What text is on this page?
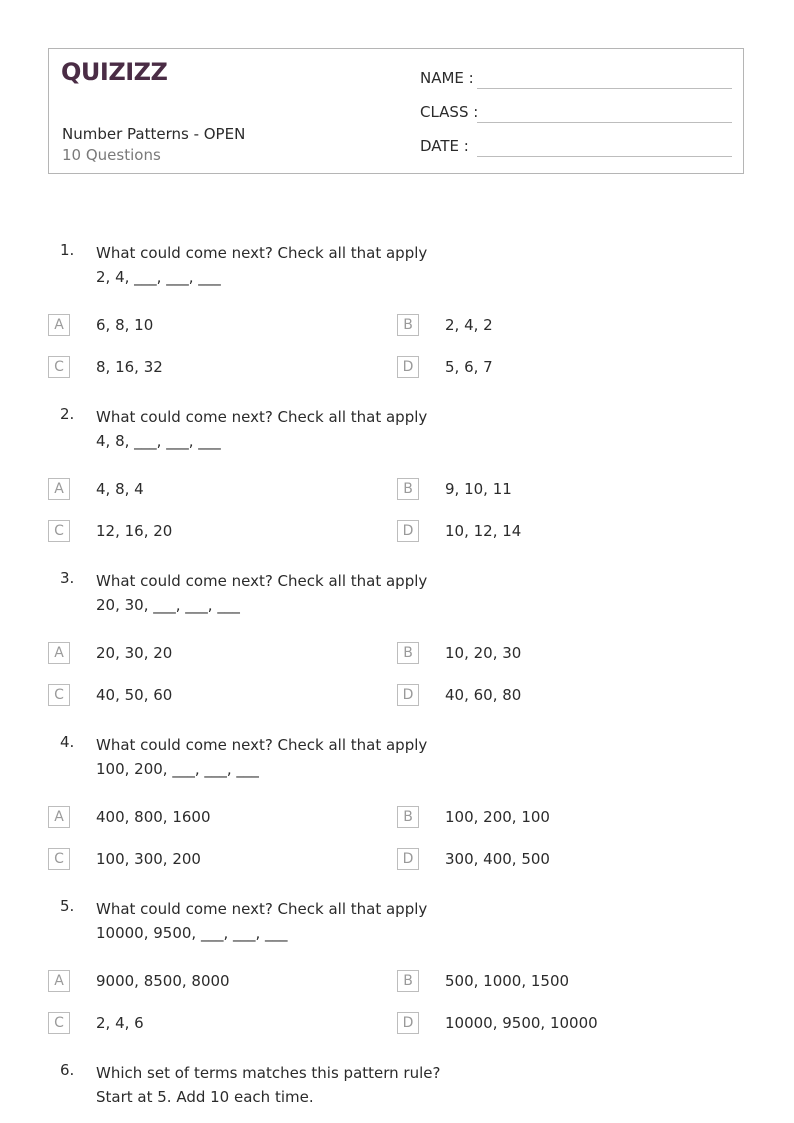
QUIZIZZ
Number Patterns - OPEN
10 Questions
NAME :
CLASS :
DATE :
1. What could come next? Check all that apply
2, 4, ___, ___, ___
A	6, 8, 10	B	2, 4, 2
C	8, 16, 32	D	5, 6, 7
2. What could come next? Check all that apply
4, 8, ___, ___, ___
A	4, 8, 4	B	9, 10, 11
C	12, 16, 20	D	10, 12, 14
3. What could come next? Check all that apply
20, 30, ___, ___, ___
A	20, 30, 20	B	10, 20, 30
C	40, 50, 60	D	40, 60, 80
4. What could come next? Check all that apply
100, 200, ___, ___, ___
A	400, 800, 1600	B	100, 200, 100
C	100, 300, 200	D	300, 400, 500
5. What could come next? Check all that apply
10000, 9500, ___, ___, ___
A	9000, 8500, 8000	B	500, 1000, 1500
C	2, 4, 6	D	10000, 9500, 10000
6. Which set of terms matches this pattern rule?
Start at 5. Add 10 each time.
